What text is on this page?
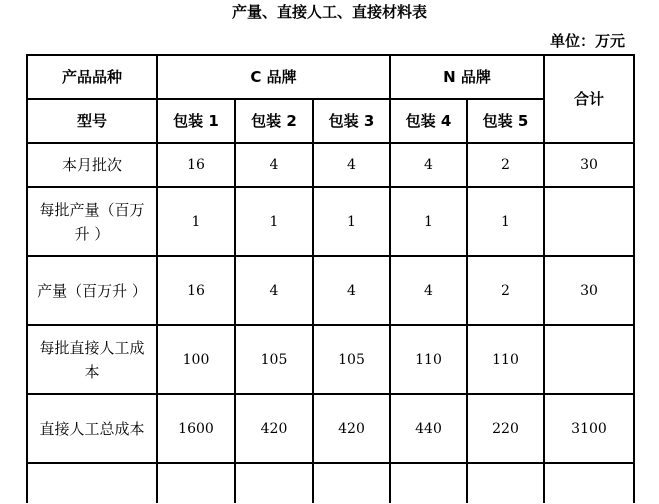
产量、直接人工、直接材料表
单位：万元
产品品种	C 品牌			N 品牌		合计
型号	包装 1	包装 2	包装 3	包装 4	包装 5	
本月批次	16	4	4	4	2	30
每批产量（百万升 ）	1	1	1	1	1	
产量（百万升 ）	16	4	4	4	2	30
每批直接人工成本	100	105	105	110	110	
直接人工总成本	1600	420	420	440	220	3100
